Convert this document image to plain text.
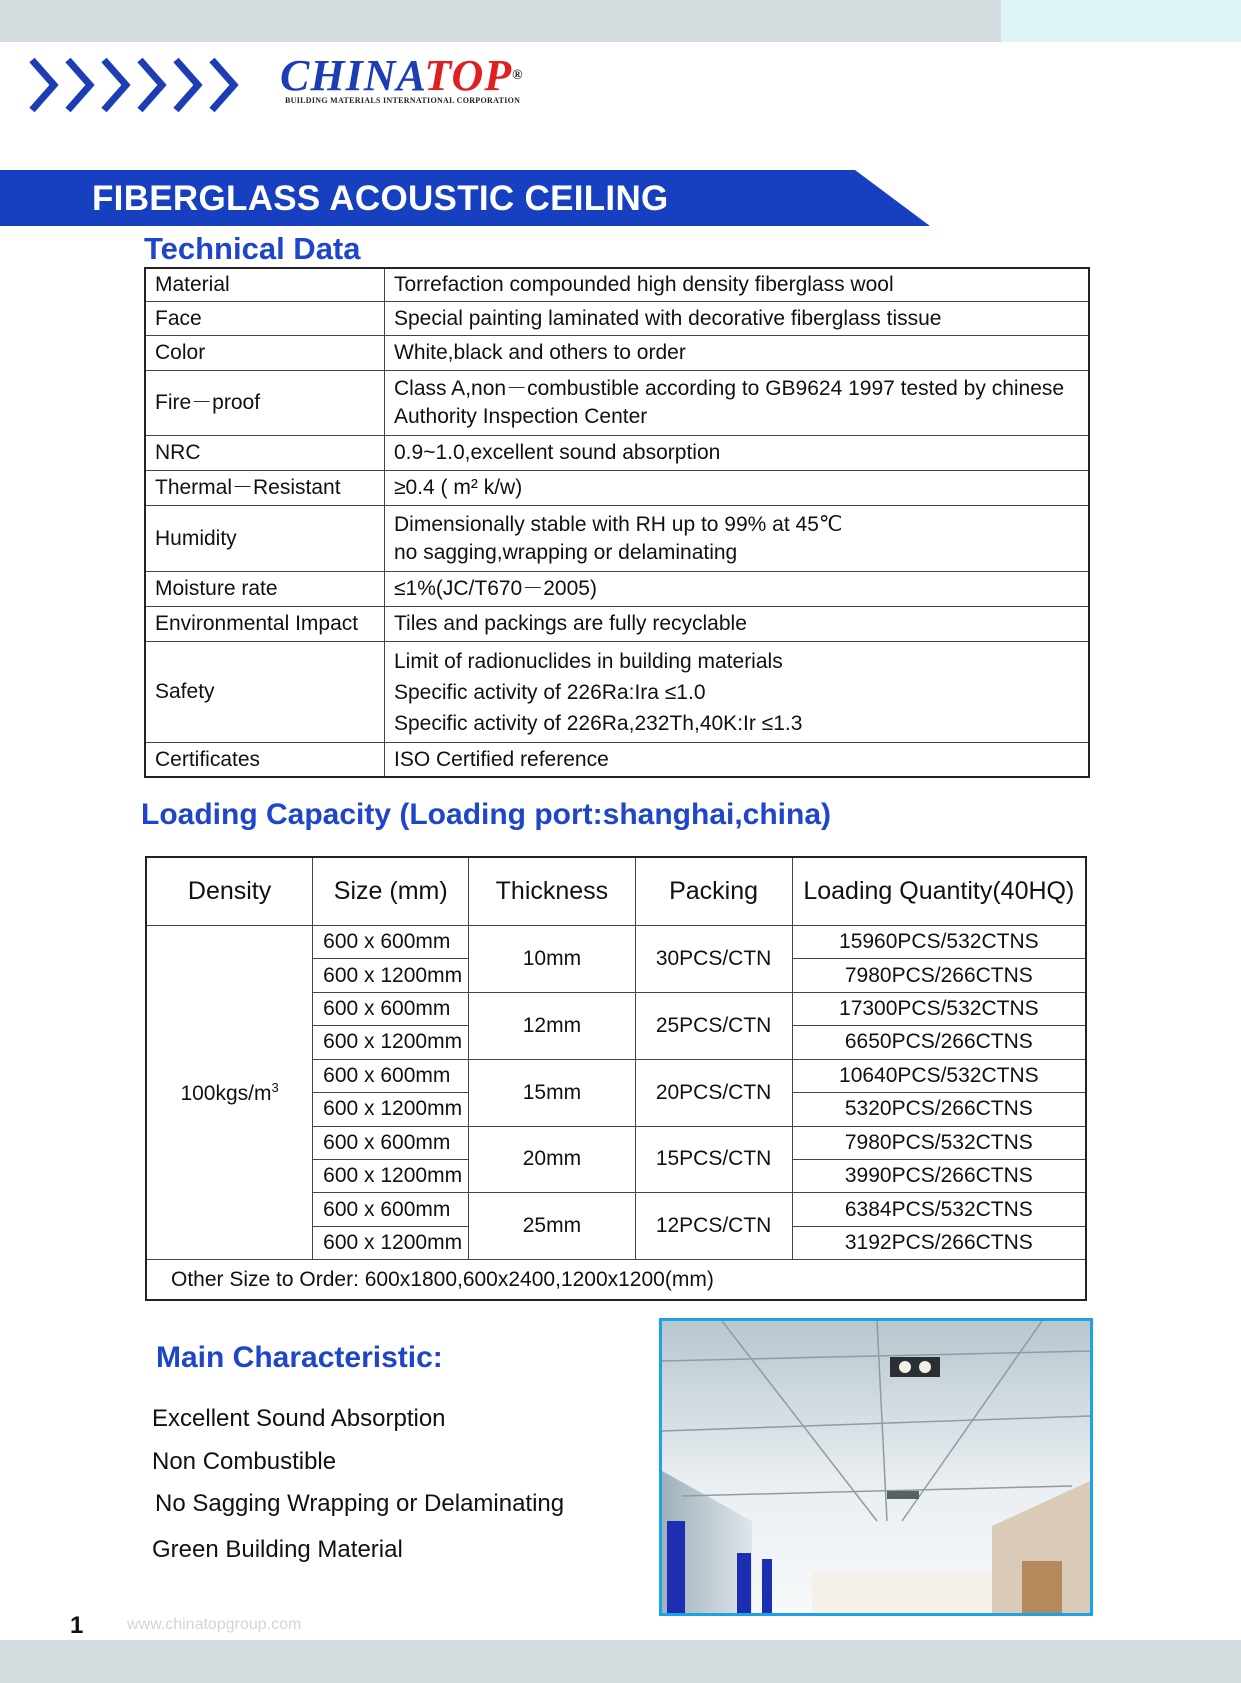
CHINATOP®
BUILDING MATERIALS INTERNATIONAL CORPORATION
FIBERGLASS ACOUSTIC CEILING
Technical Data
Material	Torrefaction compounded high density fiberglass wool

Face	Special painting laminated with decorative fiberglass tissue

Color	White,black and others to order

Fire－proof	Class A,non－combustible according to GB9624 1997 tested by chinese Authority Inspection Center

NRC	0.9~1.0,excellent sound absorption

Thermal－Resistant	≥0.4 ( m² k/w)

Humidity	Dimensionally stable with RH up to 99% at 45℃
no sagging,wrapping or delaminating

Moisture rate	≤1%(JC/T670－2005)

Environmental Impact	Tiles and packings are fully recyclable

Safety	Limit of radionuclides in building materials
Specific activity of 226Ra:Ira ≤1.0
Specific activity of 226Ra,232Th,40K:Ir ≤1.3

Certificates	ISO Certified reference
Loading Capacity (Loading port:shanghai,china)
Density	Size (mm)	Thickness	Packing	Loading Quantity(40HQ)
$100kgs/m^3$	600 x 600mm	10mm	30PCS/CTN	15960PCS/532CTNS
	600 x 1200mm			7980PCS/266CTNS
	600 x 600mm	12mm	25PCS/CTN	17300PCS/532CTNS
	600 x 1200mm			6650PCS/266CTNS
	600 x 600mm	15mm	20PCS/CTN	10640PCS/532CTNS
	600 x 1200mm			5320PCS/266CTNS
	600 x 600mm	20mm	15PCS/CTN	7980PCS/532CTNS
	600 x 1200mm			3990PCS/266CTNS
	600 x 600mm	25mm	12PCS/CTN	6384PCS/532CTNS
	600 x 1200mm			3192PCS/266CTNS
Other Size to Order: 600x1800,600x2400,1200x1200(mm)				
Main Characteristic:
Excellent Sound Absorption
Non Combustible
No Sagging Wrapping or Delaminating
Green Building Material
1	www.chinatopgroup.com
